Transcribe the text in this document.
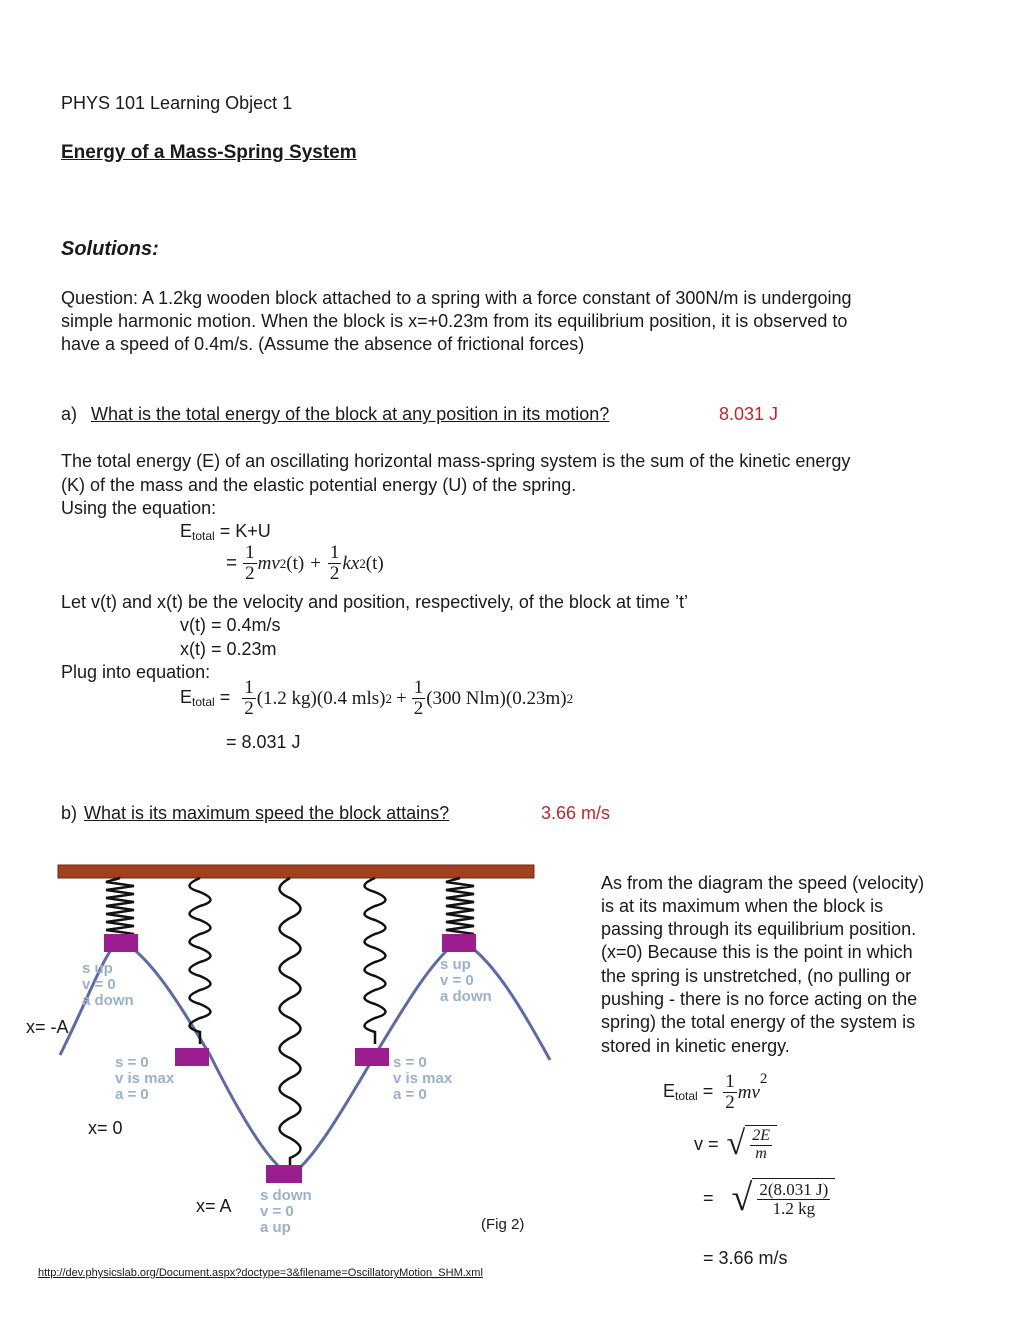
PHYS 101 Learning Object 1
Energy of a Mass-Spring System
Solutions:
Question: A 1.2kg wooden block attached to a spring with a force constant of 300N/m is undergoing
simple harmonic motion. When the block is x=+0.23m from its equilibrium position, it is observed to
have a speed of 0.4m/s. (Assume the absence of frictional forces)
a) What is the total energy of the block at any position in its motion?	8.031 J
The total energy (E) of an oscillating horizontal mass-spring system is the sum of the kinetic energy
(K) of the mass and the elastic potential energy (U) of the spring.
Using the equation:
$E_{total} = K+U$
= $\frac{1}{2}$ mv 2 $(t) + \frac{1}{2}$ kx 2 (t)
Let v(t) and x(t) be the velocity and position, respectively, of the block at time ’t’
v(t) = 0.4m/s
x(t) = 0.23m
Plug into equation:
$E_{total} = \frac{1}{2} (1.2$ kg)(0.4 mls) $2 + \frac{1}{2} (300$ Nlm)(0.23m) 2
= 8.031 J
b) What is its maximum speed the block attains?	3.66 m/s
s up
v = 0
a down
s up
v = 0
a down
s = 0
v is max
a = 0
s = 0
v is max
a = 0
s down
v = 0
a up
x= -A
x= 0
x= A
(Fig 2)
As from the diagram the speed (velocity)
is at its maximum when the block is
passing through its equilibrium position.
(x=0) Because this is the point in which
the spring is unstretched, (no pulling or
pushing - there is no force acting on the
spring) the total energy of the system is
stored in kinetic energy.
$E_{total} = \frac{1}{2}$ mv
$^2$
v = √ $\frac{2E}{m}$
= √ $\frac{2(8.031 J)}{1.2 kg}$
= 3.66 m/s
http://dev.physicslab.org/Document.aspx?doctype=3&filename=OscillatoryMotion_SHM.xml
